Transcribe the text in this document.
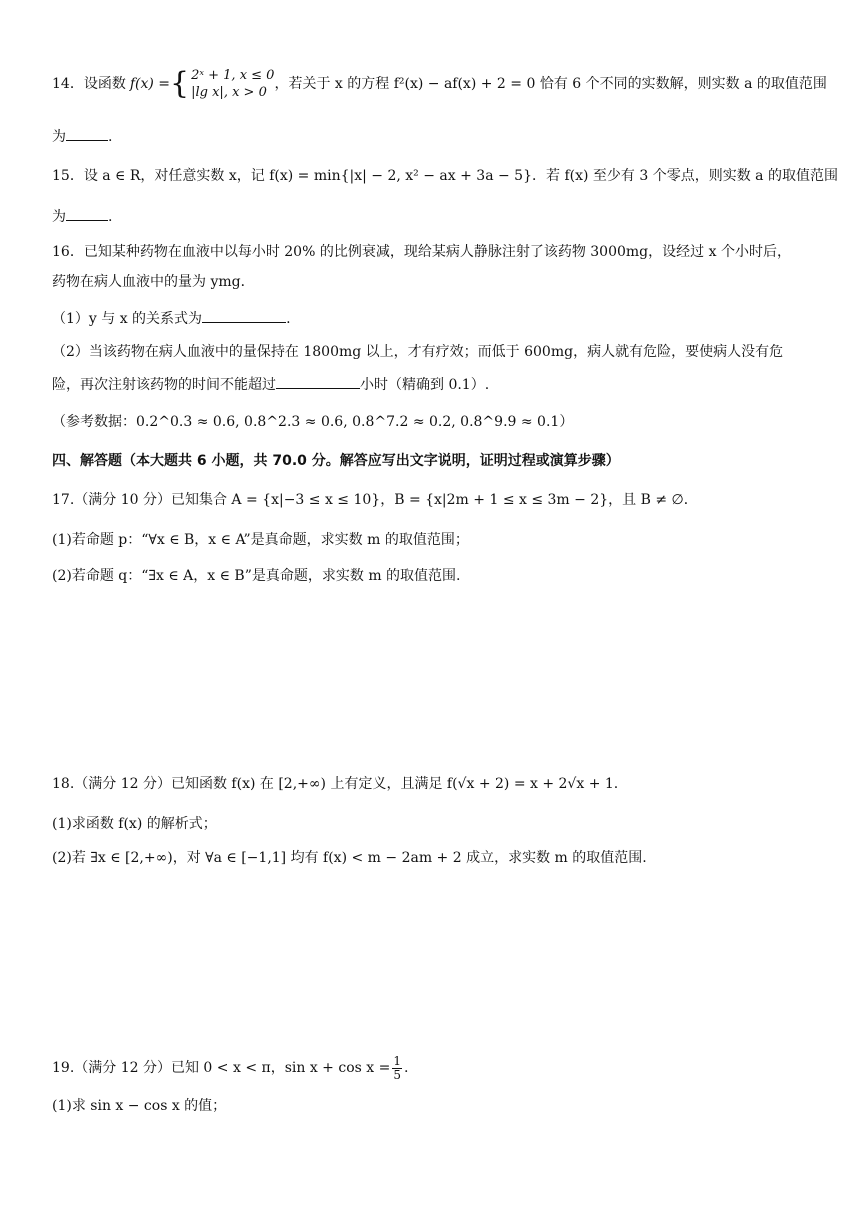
14．设函数 f(x) = { 2ˣ + 1, x ≤ 0
|lg x|, x > 0
，若关于 x 的方程 f²(x) − af(x) + 2 = 0 恰有 6 个不同的实数解，则实数 a 的取值范围
为	.
15．设 a ∈ R，对任意实数 x，记 f(x) = min{|x| − 2, x² − ax + 3a − 5}．若 f(x) 至少有 3 个零点，则实数 a 的取值范围
为	.
16．已知某种药物在血液中以每小时 20% 的比例衰减，现给某病人静脉注射了该药物 3000mg，设经过 x 个小时后，
药物在病人血液中的量为 ymg．
（1）y 与 x 的关系式为	.
（2）当该药物在病人血液中的量保持在 1800mg 以上，才有疗效；而低于 600mg，病人就有危险，要使病人没有危
险，再次注射该药物的时间不能超过	小时（精确到 0.1）.
（参考数据：0.2^0.3 ≈ 0.6, 0.8^2.3 ≈ 0.6, 0.8^7.2 ≈ 0.2, 0.8^9.9 ≈ 0.1）
四、解答题（本大题共 6 小题，共 70.0 分。解答应写出文字说明，证明过程或演算步骤）
17.（满分 10 分）已知集合 A = {x|−3 ≤ x ≤ 10}，B = {x|2m + 1 ≤ x ≤ 3m − 2}，且 B ≠ ∅．
(1)若命题 p：“∀x ∈ B，x ∈ A”是真命题，求实数 m 的取值范围；
(2)若命题 q：“∃x ∈ A，x ∈ B”是真命题，求实数 m 的取值范围.
18.（满分 12 分）已知函数 f(x) 在 [2,+∞) 上有定义，且满足 f(√x + 2) = x + 2√x + 1.
(1)求函数 f(x) 的解析式；
(2)若 ∃x ∈ [2,+∞)，对 ∀a ∈ [−1,1] 均有 f(x) < m − 2am + 2 成立，求实数 m 的取值范围.
19.（满分 12 分）已知 0 < x < π，$\sin x + \cos x = \frac{1}{5}$ .
(1)求 sin x − cos x 的值；
